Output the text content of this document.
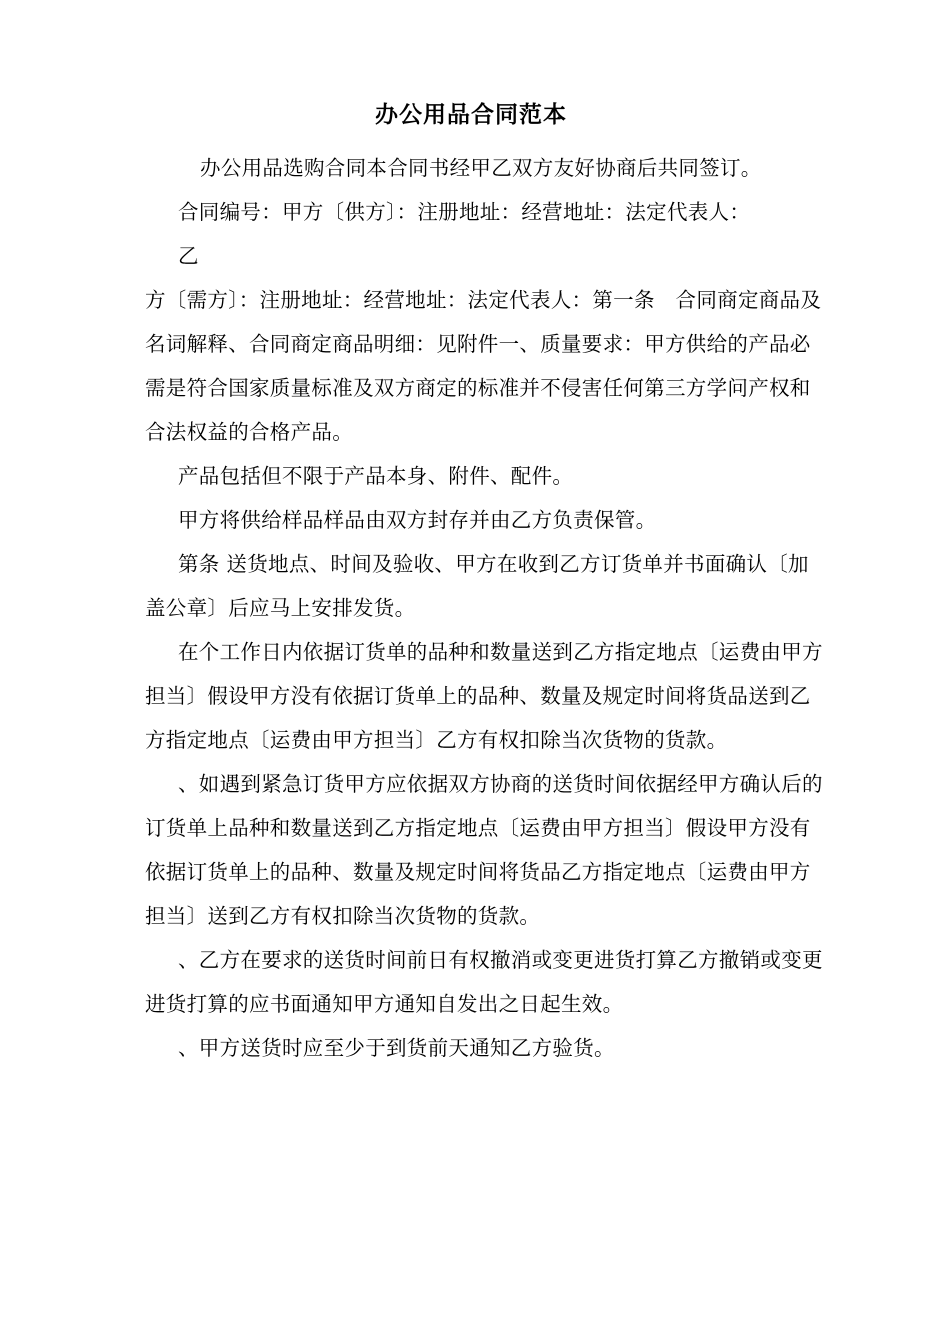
办公用品合同范本

办公用品选购合同本合同书经甲乙双方友好协商后共同签订。

合同编号：甲方〔供方〕：注册地址：经营地址：法定代表人：

乙

方〔需方〕：注册地址：经营地址：法定代表人：第一条　合同商定商品及名词解释、合同商定商品明细：见附件一、质量要求：甲方供给的产品必需是符合国家质量标准及双方商定的标准并不侵害任何第三方学问产权和合法权益的合格产品。

产品包括但不限于产品本身、附件、配件。

甲方将供给样品样品由双方封存并由乙方负责保管。

第条 送货地点、时间及验收、甲方在收到乙方订货单并书面确认〔加盖公章〕后应马上安排发货。

在个工作日内依据订货单的品种和数量送到乙方指定地点〔运费由甲方担当〕假设甲方没有依据订货单上的品种、数量及规定时间将货品送到乙方指定地点〔运费由甲方担当〕乙方有权扣除当次货物的货款。

、如遇到紧急订货甲方应依据双方协商的送货时间依据经甲方确认后的订货单上品种和数量送到乙方指定地点〔运费由甲方担当〕假设甲方没有依据订货单上的品种、数量及规定时间将货品乙方指定地点〔运费由甲方担当〕送到乙方有权扣除当次货物的货款。

、乙方在要求的送货时间前日有权撤消或变更进货打算乙方撤销或变更进货打算的应书面通知甲方通知自发出之日起生效。

、甲方送货时应至少于到货前天通知乙方验货。
